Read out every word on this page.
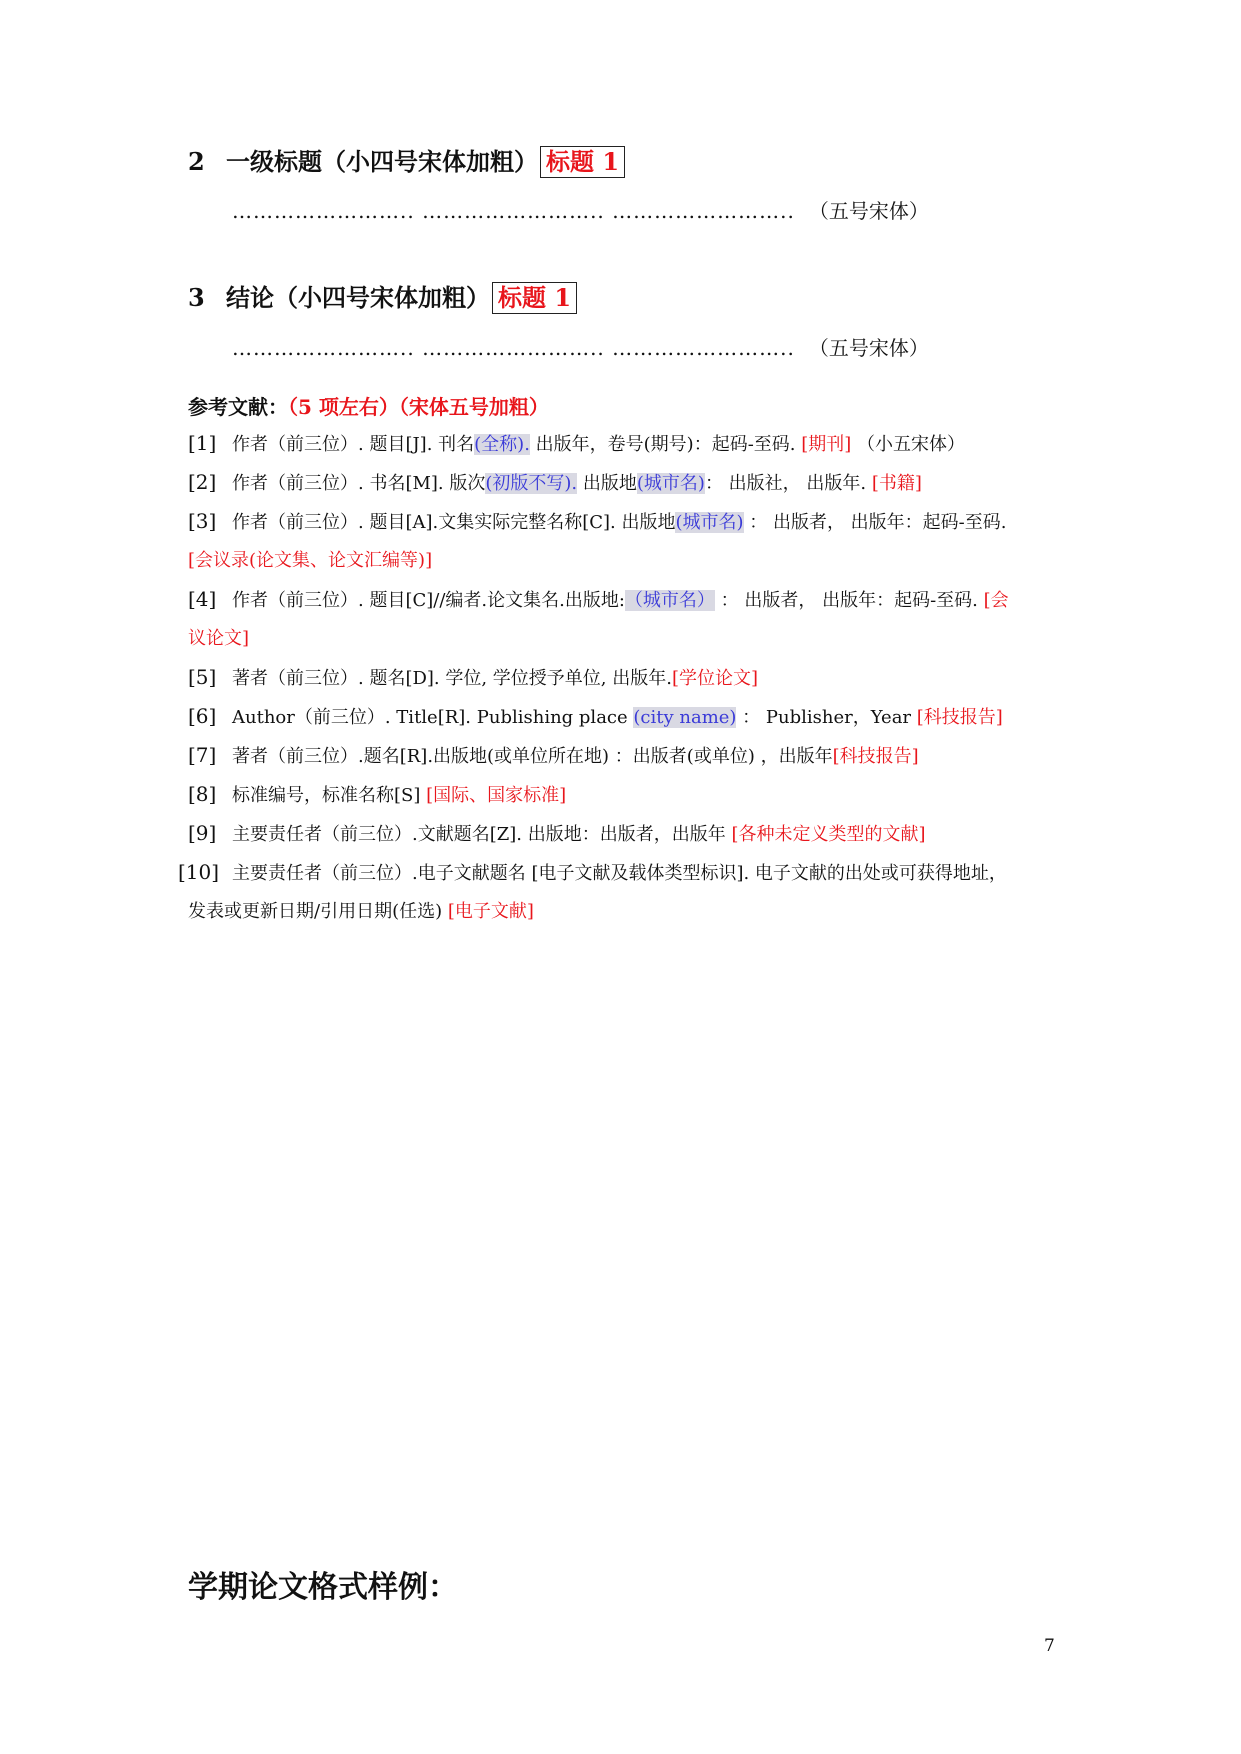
2 一级标题（小四号宋体加粗） 标题 1
…………………….. …………………….. …………………….. （五号宋体）
3 结论（小四号宋体加粗） 标题 1
…………………….. …………………….. …………………….. （五号宋体）
参考文献：（5 项左右）（宋体五号加粗）
[1] 作者（前三位）. 题目[J]. 刊名(全称). 出版年，卷号(期号)：起码-至码. [期刊] （小五宋体）
[2] 作者（前三位）. 书名[M]. 版次(初版不写). 出版地(城市名)： 出版社， 出版年. [书籍]
[3] 作者（前三位）. 题目[A].文集实际完整名称[C]. 出版地(城市名) ： 出版者， 出版年：起码-至码.
[会议录(论文集、论文汇编等)]
[4] 作者（前三位）. 题目[C]//编者.论文集名.出版地:（城市名） ： 出版者， 出版年：起码-至码. [会
议论文]
[5] 著者（前三位）. 题名[D]. 学位, 学位授予单位, 出版年.[学位论文]
[6] Author（前三位）. Title[R]. Publishing place (city name) ： Publisher，Year [科技报告]
[7] 著者（前三位）.题名[R].出版地(或单位所在地) ：出版者(或单位) ，出版年[科技报告]
[8] 标准编号，标准名称[S] [国际、国家标准]
[9] 主要责任者（前三位）.文献题名[Z]. 出版地：出版者，出版年 [各种未定义类型的文献]
[10] 主要责任者（前三位）.电子文献题名 [电子文献及载体类型标识]. 电子文献的出处或可获得地址，
发表或更新日期/引用日期(任选) [电子文献]
学期论文格式样例：
7
